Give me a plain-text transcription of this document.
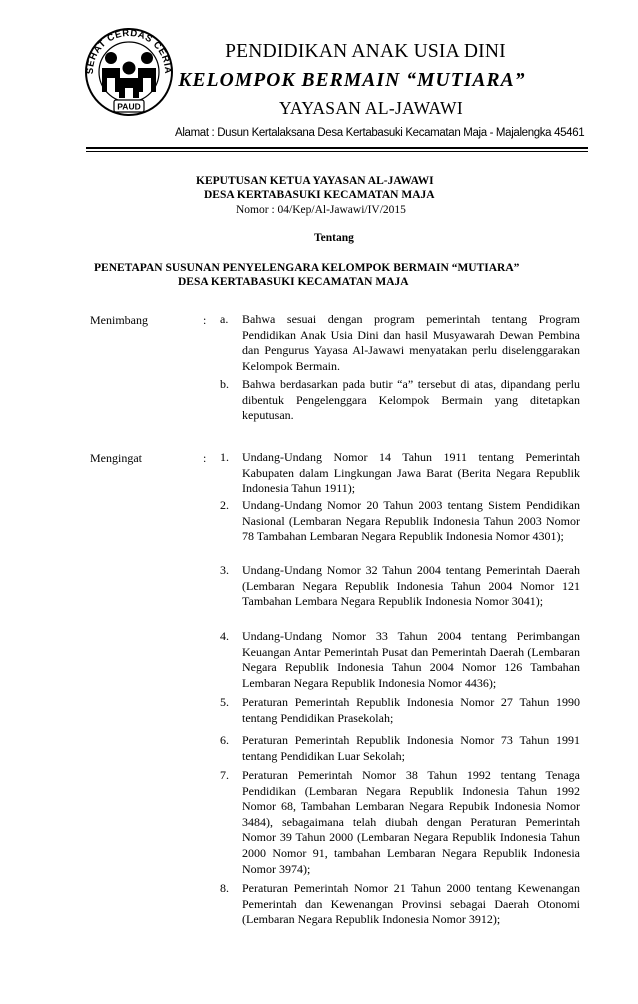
SEHAT CERDAS CERIA
PAUD
PENDIDIKAN ANAK USIA DINI
KELOMPOK BERMAIN “MUTIARA”
YAYASAN AL-JAWAWI
Alamat : Dusun Kertalaksana Desa Kertabasuki Kecamatan Maja - Majalengka 45461
KEPUTUSAN KETUA YAYASAN AL-JAWAWI
DESA KERTABASUKI KECAMATAN MAJA
Nomor : 04/Kep/Al-Jawawi/IV/2015
Tentang
PENETAPAN SUSUNAN PENYELENGARA KELOMPOK BERMAIN “MUTIARA”
DESA KERTABASUKI KECAMATAN MAJA
Menimbang	: a. Bahwa sesuai dengan program pemerintah tentang Program Pendidikan Anak Usia Dini dan hasil Musyawarah Dewan Pembina dan Pengurus Yayasa Al-Jawawi menyatakan perlu diselenggarakan Kelompok Bermain.
b. Bahwa berdasarkan pada butir “a” tersebut di atas, dipandang perlu dibentuk Pengelenggara Kelompok Bermain yang ditetapkan keputusan.
Mengingat	: 1. Undang-Undang Nomor 14 Tahun 1911 tentang Pemerintah Kabupaten dalam Lingkungan Jawa Barat (Berita Negara Republik Indonesia Tahun 1911);
2. Undang-Undang Nomor 20 Tahun 2003 tentang Sistem Pendidikan Nasional (Lembaran Negara Republik Indonesia Tahun 2003 Nomor 78 Tambahan Lembaran Negara Republik Indonesia Nomor 4301);
3. Undang-Undang Nomor 32 Tahun 2004 tentang Pemerintah Daerah (Lembaran Negara Republik Indonesia Tahun 2004 Nomor 121 Tambahan Lembara Negara Republik Indonesia Nomor 3041);
4. Undang-Undang Nomor 33 Tahun 2004 tentang Perimbangan Keuangan Antar Pemerintah Pusat dan Pemerintah Daerah (Lembaran Negara Republik Indonesia Tahun 2004 Nomor 126 Tambahan Lembaran Negara Republik Indonesia Nomor 4436);
5. Peraturan Pemerintah Republik Indonesia Nomor 27 Tahun 1990 tentang Pendidikan Prasekolah;
6. Peraturan Pemerintah Republik Indonesia Nomor 73 Tahun 1991 tentang Pendidikan Luar Sekolah;
7. Peraturan Pemerintah Nomor 38 Tahun 1992 tentang Tenaga Pendidikan (Lembaran Negara Republik Indonesia Tahun 1992 Nomor 68, Tambahan Lembaran Negara Repubik Indonesia Nomor 3484), sebagaimana telah diubah dengan Peraturan Pemerintah Nomor 39 Tahun 2000 (Lembaran Negara Republik Indonesia Tahun 2000 Nomor 91, tambahan Lembaran Negara Republik Indonesia Nomor 3974);
8. Peraturan Pemerintah Nomor 21 Tahun 2000 tentang Kewenangan Pemerintah dan Kewenangan Provinsi sebagai Daerah Otonomi (Lembaran Negara Republik Indonesia Nomor 3912);
